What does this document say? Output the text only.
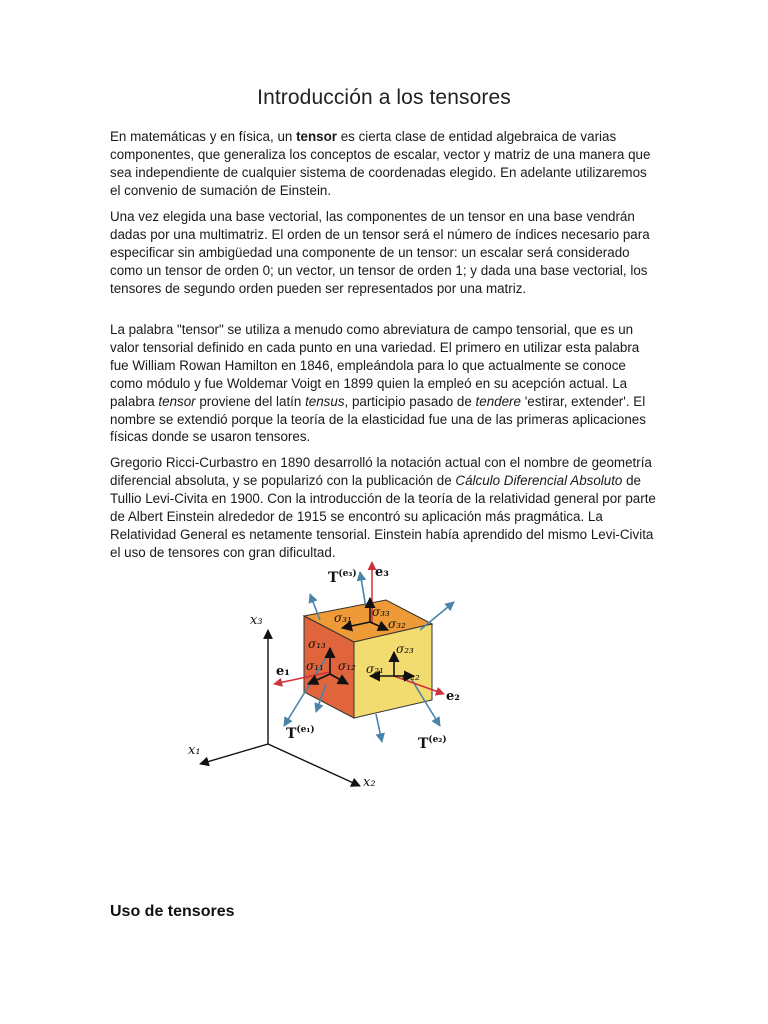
Introducción a los tensores

En matemáticas y en física, un tensor es cierta clase de entidad algebraica de varias componentes, que generaliza los conceptos de escalar, vector y matriz de una manera que sea independiente de cualquier sistema de coordenadas elegido. En adelante utilizaremos el convenio de sumación de Einstein.

Una vez elegida una base vectorial, las componentes de un tensor en una base vendrán dadas por una multimatriz. El orden de un tensor será el número de índices necesario para especificar sin ambigüedad una componente de un tensor: un escalar será considerado como un tensor de orden 0; un vector, un tensor de orden 1; y dada una base vectorial, los tensores de segundo orden pueden ser representados por una matriz.

La palabra "tensor" se utiliza a menudo como abreviatura de campo tensorial, que es un valor tensorial definido en cada punto en una variedad. El primero en utilizar esta palabra fue William Rowan Hamilton en 1846, empleándola para lo que actualmente se conoce como módulo y fue Woldemar Voigt en 1899 quien la empleó en su acepción actual. La palabra tensor proviene del latín tensus, participio pasado de tendere 'estirar, extender'. El nombre se extendió porque la teoría de la elasticidad fue una de las primeras aplicaciones físicas donde se usaron tensores.

Gregorio Ricci-Curbastro en 1890 desarrolló la notación actual con el nombre de geometría diferencial absoluta, y se popularizó con la publicación de Cálculo Diferencial Absoluto de Tullio Levi-Civita en 1900. Con la introducción de la teoría de la relatividad general por parte de Albert Einstein alrededor de 1915 se encontró su aplicación más pragmática. La Relatividad General es netamente tensorial. Einstein había aprendido del mismo Levi-Civita el uso de tensores con gran dificultad.

x₃
x₁
x₂
σ₃₁ σ₃₃
σ₃₂
σ₁₃
σ₁₁ σ₁₂
σ₂₃
σ₂₁ σ₂₂
e₁
e₂
e₃
$T^{(e_3)}$
$T^{(e_1)}$
$T^{(e_2)}$
Uso de tensores
